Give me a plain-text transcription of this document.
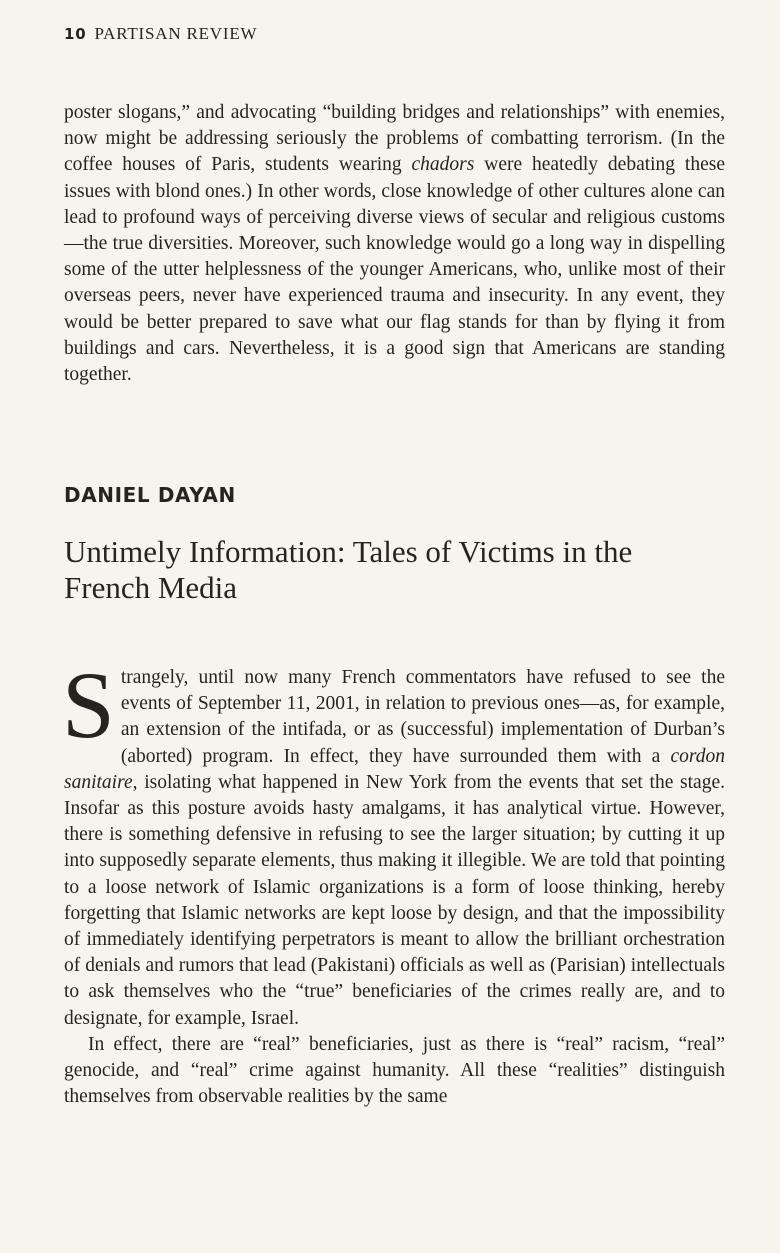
10 PARTISAN REVIEW

poster slogans,” and advocating “building bridges and relationships” with enemies, now might be addressing seriously the problems of combatting terrorism. (In the coffee houses of Paris, students wearing chadors were heatedly debating these issues with blond ones.) In other words, close knowledge of other cultures alone can lead to profound ways of perceiving diverse views of secular and religious customs—the true diversities. Moreover, such knowledge would go a long way in dispelling some of the utter helplessness of the younger Americans, who, unlike most of their overseas peers, never have experienced trauma and insecurity. In any event, they would be better prepared to save what our flag stands for than by flying it from buildings and cars. Nevertheless, it is a good sign that Americans are standing together.

DANIEL DAYAN
Untimely Information: Tales of Victims in the French Media

Strangely, until now many French commentators have refused to see the events of September 11, 2001, in relation to previous ones—as, for example, an extension of the intifada, or as (successful) implementation of Durban’s (aborted) program. In effect, they have surrounded them with a cordon sanitaire, isolating what happened in New York from the events that set the stage. Insofar as this posture avoids hasty amalgams, it has analytical virtue. However, there is something defensive in refusing to see the larger situation; by cutting it up into supposedly separate elements, thus making it illegible. We are told that pointing to a loose network of Islamic organizations is a form of loose thinking, hereby forgetting that Islamic networks are kept loose by design, and that the impossibility of immediately identifying perpetrators is meant to allow the brilliant orchestration of denials and rumors that lead (Pakistani) officials as well as (Parisian) intellectuals to ask themselves who the “true” beneficiaries of the crimes really are, and to designate, for example, Israel.

In effect, there are “real” beneficiaries, just as there is “real” racism, “real” genocide, and “real” crime against humanity. All these “realities” distinguish themselves from observable realities by the same
